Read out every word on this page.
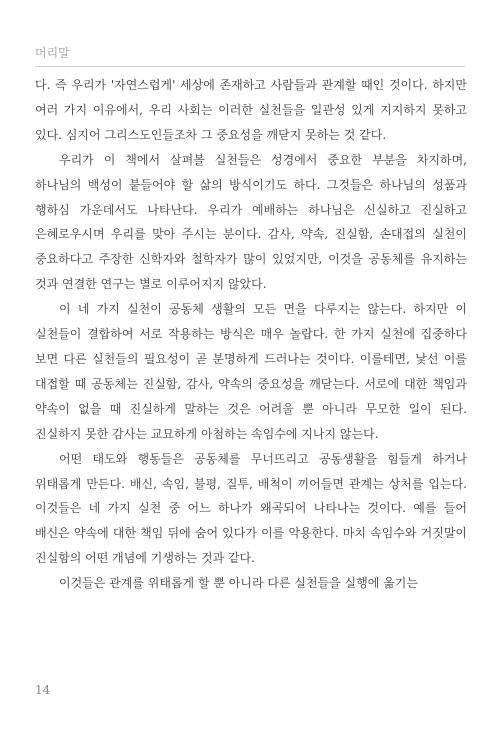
머리말

다. 즉 우리가 '자연스럽게' 세상에 존재하고 사람들과 관계할 때인 것이다. 하지만 여러 가지 이유에서, 우리 사회는 이러한 실천들을 일관성 있게 지지하지 못하고 있다. 심지어 그리스도인들조차 그 중요성을 깨닫지 못하는 것 같다.

우리가 이 책에서 살펴볼 실천들은 성경에서 중요한 부분을 차지하며, 하나님의 백성이 붙들어야 할 삶의 방식이기도 하다. 그것들은 하나님의 성품과 행하심 가운데서도 나타난다. 우리가 예배하는 하나님은 신실하고 진실하고 은혜로우시며 우리를 맞아 주시는 분이다. 감사, 약속, 진실함, 손대접의 실천이 중요하다고 주장한 신학자와 철학자가 많이 있었지만, 이것을 공동체를 유지하는 것과 연결한 연구는 별로 이루어지지 않았다.

이 네 가지 실천이 공동체 생활의 모든 면을 다루지는 않는다. 하지만 이 실천들이 결합하여 서로 작용하는 방식은 매우 놀랍다. 한 가지 실천에 집중하다 보면 다른 실천들의 필요성이 곧 분명하게 드러나는 것이다. 이를테면, 낯선 이를 대접할 때 공동체는 진실함, 감사, 약속의 중요성을 깨닫는다. 서로에 대한 책임과 약속이 없을 때 진실하게 말하는 것은 어려울 뿐 아니라 무모한 일이 된다. 진실하지 못한 감사는 교묘하게 아첨하는 속임수에 지나지 않는다.

어떤 태도와 행동들은 공동체를 무너뜨리고 공동생활을 힘들게 하거나 위태롭게 만든다. 배신, 속임, 불평, 질투, 배척이 끼어들면 관계는 상처를 입는다. 이것들은 네 가지 실천 중 어느 하나가 왜곡되어 나타나는 것이다. 예를 들어 배신은 약속에 대한 책임 뒤에 숨어 있다가 이를 악용한다. 마치 속임수와 거짓말이 진실함의 어떤 개념에 기생하는 것과 같다.

이것들은 관계를 위태롭게 할 뿐 아니라 다른 실천들을 실행에 옮기는

14
